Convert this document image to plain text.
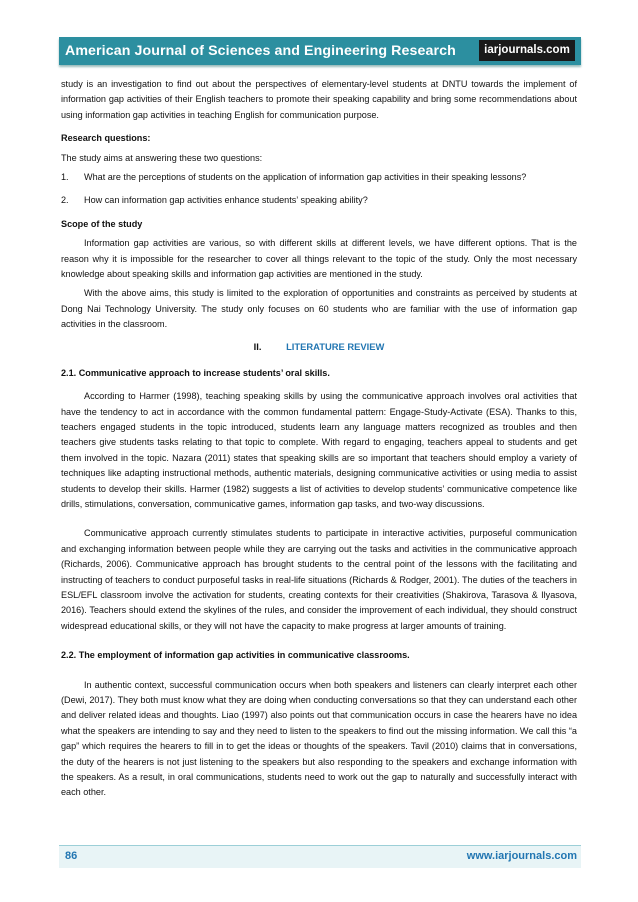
American Journal of Sciences and Engineering Research	iarjournals.com

study is an investigation to find out about the perspectives of elementary-level students at DNTU towards the implement of information gap activities of their English teachers to promote their speaking capability and bring some recommendations about using information gap activities in teaching English for communication purpose.

Research questions:

The study aims at answering these two questions:

1.	What are the perceptions of students on the application of information gap activities in their speaking lessons?
2.	How can information gap activities enhance students’ speaking ability?

Scope of the study

Information gap activities are various, so with different skills at different levels, we have different options. That is the reason why it is impossible for the researcher to cover all things relevant to the topic of the study. Only the most necessary knowledge about speaking skills and information gap activities are mentioned in the study.

With the above aims, this study is limited to the exploration of opportunities and constraints as perceived by students at Dong Nai Technology University. The study only focuses on 60 students who are familiar with the use of information gap activities in the classroom.

II.	LITERATURE REVIEW

2.1. Communicative approach to increase students’ oral skills.

According to Harmer (1998), teaching speaking skills by using the communicative approach involves oral activities that have the tendency to act in accordance with the common fundamental pattern: Engage-Study-Activate (ESA). Thanks to this, teachers engaged students in the topic introduced, students learn any language matters recognized as troubles and then teachers give students tasks relating to that topic to complete. With regard to engaging, teachers appeal to students and get them involved in the topic. Nazara (2011) states that speaking skills are so important that teachers should employ a variety of techniques like adapting instructional methods, authentic materials, designing communicative activities or using media to assist students to develop their skills. Harmer (1982) suggests a list of activities to develop students’ communicative competence like drills, stimulations, conversation, communicative games, information gap tasks, and two-way discussions.

Communicative approach currently stimulates students to participate in interactive activities, purposeful communication and exchanging information between people while they are carrying out the tasks and activities in the communicative approach (Richards, 2006). Communicative approach has brought students to the central point of the lessons with the facilitating and instructing of teachers to conduct purposeful tasks in real-life situations (Richards & Rodger, 2001). The duties of the teachers in ESL/EFL classroom involve the activation for students, creating contexts for their creativities (Shakirova, Tarasova & Ilyasova, 2016). Teachers should extend the skylines of the rules, and consider the improvement of each individual, they should construct widespread educational skills, or they will not have the capacity to make progress at larger amounts of training.

2.2. The employment of information gap activities in communicative classrooms.

In authentic context, successful communication occurs when both speakers and listeners can clearly interpret each other (Dewi, 2017). They both must know what they are doing when conducting conversations so that they can understand each other and deliver related ideas and thoughts. Liao (1997) also points out that communication occurs in case the hearers have no idea what the speakers are intending to say and they need to listen to the speakers to find out the missing information. We call this “a gap” which requires the hearers to fill in to get the ideas or thoughts of the speakers. Tavil (2010) claims that in conversations, the duty of the hearers is not just listening to the speakers but also responding to the speakers and exchange information with the speakers. As a result, in oral communications, students need to work out the gap to naturally and successfully interact with each other.

86	www.iarjournals.com
